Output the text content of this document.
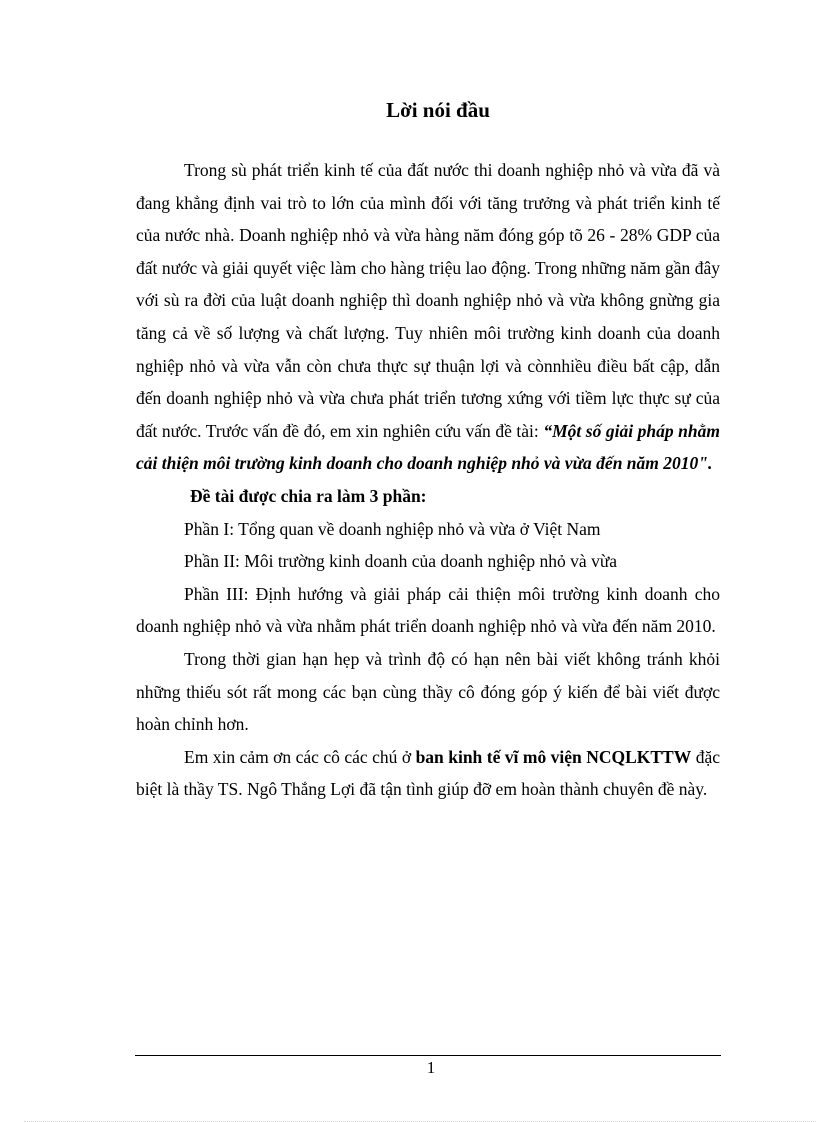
Lời nói đầu

Trong sù phát triển kinh tế của đất nước thi doanh nghiệp nhỏ và vừa đã và đang khẳng định vai trò to lớn của mình đối với tăng trưởng và phát triển kinh tế của nước nhà. Doanh nghiệp nhỏ và vừa hàng năm đóng góp tõ 26 - 28% GDP của đất nước và giải quyết việc làm cho hàng triệu lao động. Trong những năm gần đây với sù ra đời của luật doanh nghiệp thì doanh nghiệp nhỏ và vừa không gnừng gia tăng cả về số lượng và chất lượng. Tuy nhiên môi trường kinh doanh của doanh nghiệp nhỏ và vừa vẫn còn chưa thực sự thuận lợi và cònnhiều điều bất cập, dẫn đến doanh nghiệp nhỏ và vừa chưa phát triển tương xứng với tiềm lực thực sự của đất nước. Trước vấn đề đó, em xin nghiên cứu vấn đề tài: “Một số giải pháp nhằm cải thiện môi trường kinh doanh cho doanh nghiệp nhỏ và vừa đến năm 2010".

Đề tài được chia ra làm 3 phần:

Phần I: Tổng quan về doanh nghiệp nhỏ và vừa ở Việt Nam

Phần II: Môi trường kinh doanh của doanh nghiệp nhỏ và vừa

Phần III: Định hướng và giải pháp cải thiện môi trường kinh doanh cho doanh nghiệp nhỏ và vừa nhằm phát triển doanh nghiệp nhỏ và vừa đến năm 2010.

Trong thời gian hạn hẹp và trình độ có hạn nên bài viết không tránh khỏi những thiếu sót rất mong các bạn cùng thầy cô đóng góp ý kiến để bài viết được hoàn chỉnh hơn.

Em xin cảm ơn các cô các chú ở ban kinh tế vĩ mô viện NCQLKTTW đặc biệt là thầy TS. Ngô Thắng Lợi đã tận tình giúp đỡ em hoàn thành chuyên đề này.

1
